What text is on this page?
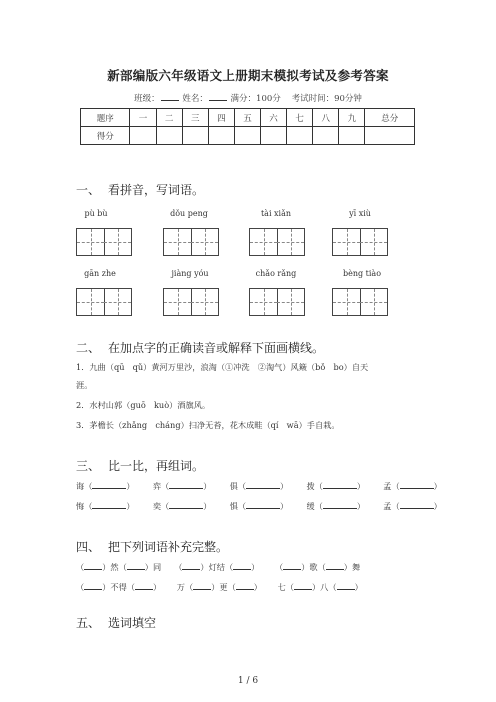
新部编版六年级语文上册期末模拟考试及参考答案
班级：	姓名：	满分：100分 考试时间：90分钟
题序	一	二	三	四	五	六	七	八	九	总分
得分										
一、 看拼音，写词语。
pù bù	dǒu peng	tài xiǎn	yī xiù
gān zhe	jiàng yóu	chǎo rǎng	bèng tiào
二、 在加点字的正确读音或解释下面画横线。
1．九曲（qū　qǔ）黄河万里沙，浪淘（①冲洗　②淘气）风簸（bǒ　bo）自天
涯。
2．水村山郭（guō　kuò）酒旗风。
3．茅檐长（zhǎng　cháng）扫净无苔，花木成畦（qí　wā）手自栽。
三、 比一比，再组词。
诲（	）       弈（	）       俱（	）       拨（	）       孟（	）
悔（	）       奕（	）       惧（	）       缓（	）       孟（	）
四、 把下列词语补充完整。
（ ）然（ ）同 （ ）灯结（ ） （ ）歌（ ）舞
（ ）不得（ ） 万（ ）更（ ） 七（ ）八（ ）
五、 选词填空
1 / 6
